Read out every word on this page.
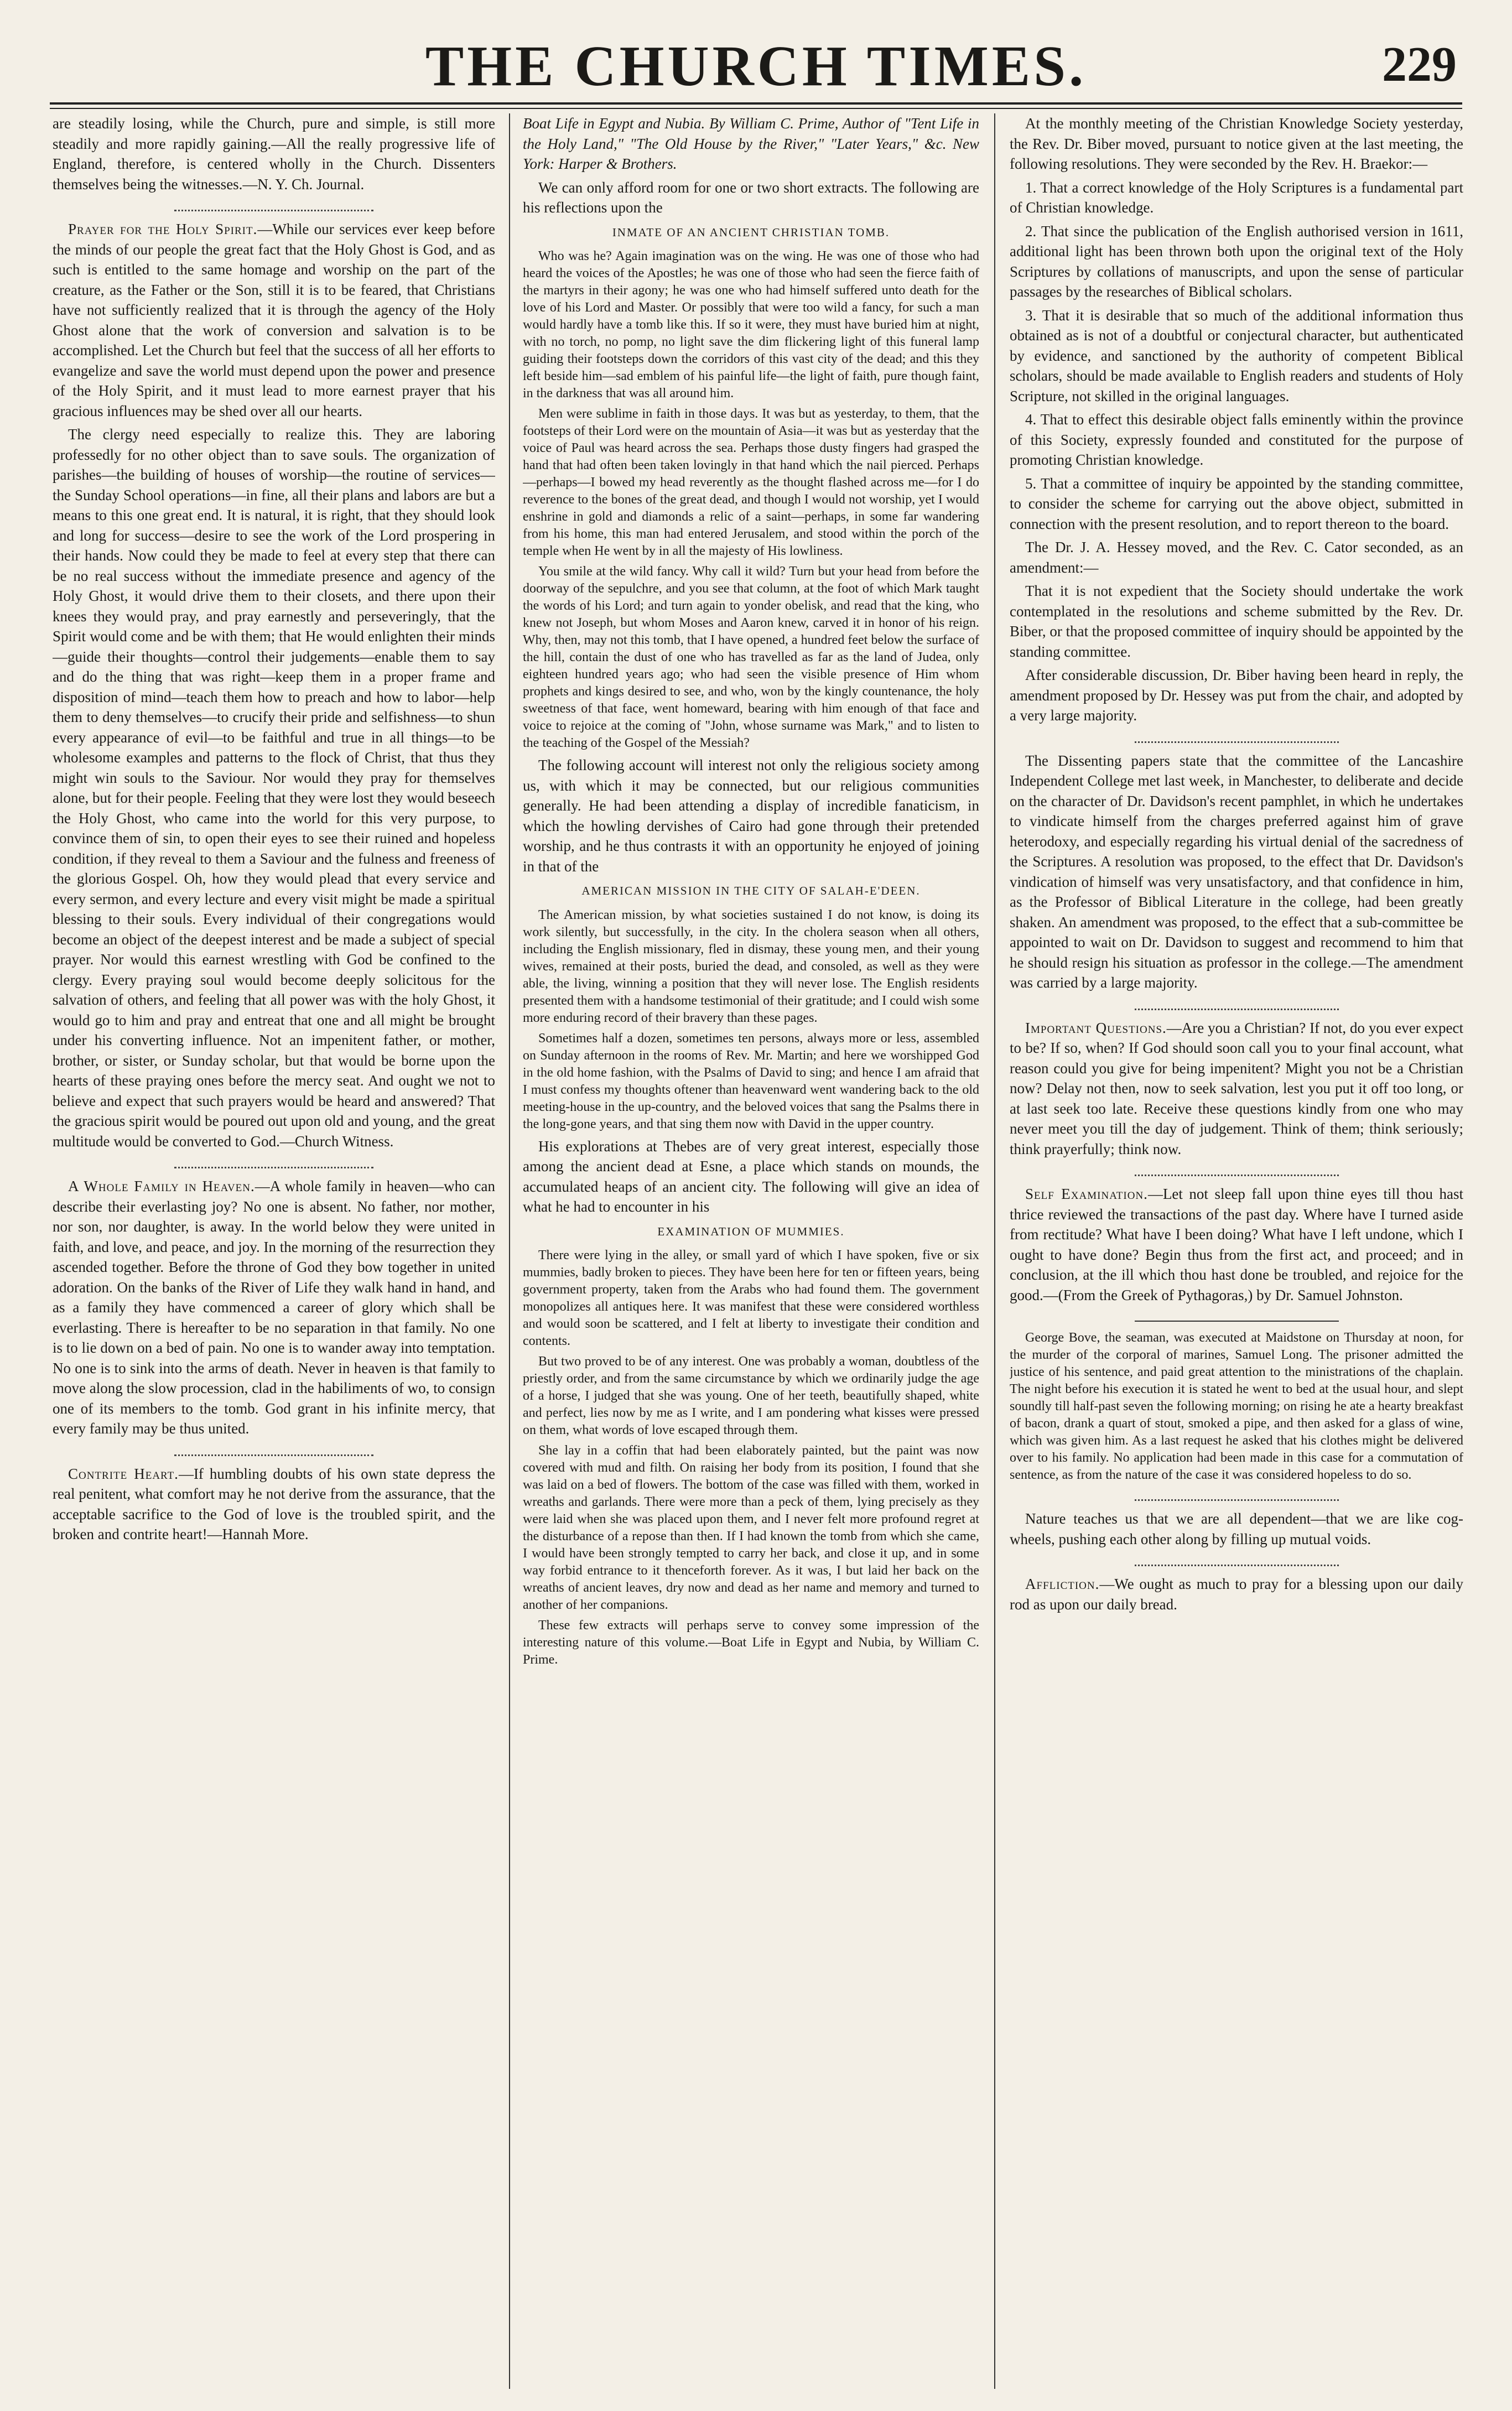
THE CHURCH TIMES.	229

are steadily losing, while the Church, pure and simple, is still more steadily and more rapidly gaining.—All the really progressive life of England, therefore, is centered wholly in the Church. Dissenters themselves being the witnesses.—N. Y. Ch. Journal.

Prayer for the Holy Spirit.—While our services ever keep before the minds of our people the great fact that the Holy Ghost is God, and as such is entitled to the same homage and worship on the part of the creature, as the Father or the Son, still it is to be feared, that Christians have not sufficiently realized that it is through the agency of the Holy Ghost alone that the work of conversion and salvation is to be accomplished. Let the Church but feel that the success of all her efforts to evangelize and save the world must depend upon the power and presence of the Holy Spirit, and it must lead to more earnest prayer that his gracious influences may be shed over all our hearts.

The clergy need especially to realize this. They are laboring professedly for no other object than to save souls. The organization of parishes—the building of houses of worship—the routine of services—the Sunday School operations—in fine, all their plans and labors are but a means to this one great end. It is natural, it is right, that they should look and long for success—desire to see the work of the Lord prospering in their hands. Now could they be made to feel at every step that there can be no real success without the immediate presence and agency of the Holy Ghost, it would drive them to their closets, and there upon their knees they would pray, and pray earnestly and perseveringly, that the Spirit would come and be with them; that He would enlighten their minds—guide their thoughts—control their judgements—enable them to say and do the thing that was right—keep them in a proper frame and disposition of mind—teach them how to preach and how to labor—help them to deny themselves—to crucify their pride and selfishness—to shun every appearance of evil—to be faithful and true in all things—to be wholesome examples and patterns to the flock of Christ, that thus they might win souls to the Saviour. Nor would they pray for themselves alone, but for their people. Feeling that they were lost they would beseech the Holy Ghost, who came into the world for this very purpose, to convince them of sin, to open their eyes to see their ruined and hopeless condition, if they reveal to them a Saviour and the fulness and freeness of the glorious Gospel. Oh, how they would plead that every service and every sermon, and every lecture and every visit might be made a spiritual blessing to their souls. Every individual of their congregations would become an object of the deepest interest and be made a subject of special prayer. Nor would this earnest wrestling with God be confined to the clergy. Every praying soul would become deeply solicitous for the salvation of others, and feeling that all power was with the holy Ghost, it would go to him and pray and entreat that one and all might be brought under his converting influence. Not an impenitent father, or mother, brother, or sister, or Sunday scholar, but that would be borne upon the hearts of these praying ones before the mercy seat. And ought we not to believe and expect that such prayers would be heard and answered? That the gracious spirit would be poured out upon old and young, and the great multitude would be converted to God.—Church Witness.

A Whole Family in Heaven.—A whole family in heaven—who can describe their everlasting joy? No one is absent. No father, nor mother, nor son, nor daughter, is away. In the world below they were united in faith, and love, and peace, and joy. In the morning of the resurrection they ascended together. Before the throne of God they bow together in united adoration. On the banks of the River of Life they walk hand in hand, and as a family they have commenced a career of glory which shall be everlasting. There is hereafter to be no separation in that family. No one is to lie down on a bed of pain. No one is to wander away into temptation. No one is to sink into the arms of death. Never in heaven is that family to move along the slow procession, clad in the habiliments of wo, to consign one of its members to the tomb. God grant in his infinite mercy, that every family may be thus united.

Contrite Heart.—If humbling doubts of his own state depress the real penitent, what comfort may he not derive from the assurance, that the acceptable sacrifice to the God of love is the troubled spirit, and the broken and contrite heart!—Hannah More.

Boat Life in Egypt and Nubia. By William C. Prime, Author of "Tent Life in the Holy Land," "The Old House by the River," "Later Years," &c. New York: Harper & Brothers.

We can only afford room for one or two short extracts. The following are his reflections upon the

INMATE OF AN ANCIENT CHRISTIAN TOMB.

Who was he? Again imagination was on the wing. He was one of those who had heard the voices of the Apostles; he was one of those who had seen the fierce faith of the martyrs in their agony; he was one who had himself suffered unto death for the love of his Lord and Master. Or possibly that were too wild a fancy, for such a man would hardly have a tomb like this. If so it were, they must have buried him at night, with no torch, no pomp, no light save the dim flickering light of this funeral lamp guiding their footsteps down the corridors of this vast city of the dead; and this they left beside him—sad emblem of his painful life—the light of faith, pure though faint, in the darkness that was all around him.

Men were sublime in faith in those days. It was but as yesterday, to them, that the footsteps of their Lord were on the mountain of Asia—it was but as yesterday that the voice of Paul was heard across the sea. Perhaps those dusty fingers had grasped the hand that had often been taken lovingly in that hand which the nail pierced. Perhaps—perhaps—I bowed my head reverently as the thought flashed across me—for I do reverence to the bones of the great dead, and though I would not worship, yet I would enshrine in gold and diamonds a relic of a saint—perhaps, in some far wandering from his home, this man had entered Jerusalem, and stood within the porch of the temple when He went by in all the majesty of His lowliness.

You smile at the wild fancy. Why call it wild? Turn but your head from before the doorway of the sepulchre, and you see that column, at the foot of which Mark taught the words of his Lord; and turn again to yonder obelisk, and read that the king, who knew not Joseph, but whom Moses and Aaron knew, carved it in honor of his reign. Why, then, may not this tomb, that I have opened, a hundred feet below the surface of the hill, contain the dust of one who has travelled as far as the land of Judea, only eighteen hundred years ago; who had seen the visible presence of Him whom prophets and kings desired to see, and who, won by the kingly countenance, the holy sweetness of that face, went homeward, bearing with him enough of that face and voice to rejoice at the coming of "John, whose surname was Mark," and to listen to the teaching of the Gospel of the Messiah?

The following account will interest not only the religious society among us, with which it may be connected, but our religious communities generally. He had been attending a display of incredible fanaticism, in which the howling dervishes of Cairo had gone through their pretended worship, and he thus contrasts it with an opportunity he enjoyed of joining in that of the

AMERICAN MISSION IN THE CITY OF SALAH-E'DEEN.

The American mission, by what societies sustained I do not know, is doing its work silently, but successfully, in the city. In the cholera season when all others, including the English missionary, fled in dismay, these young men, and their young wives, remained at their posts, buried the dead, and consoled, as well as they were able, the living, winning a position that they will never lose. The English residents presented them with a handsome testimonial of their gratitude; and I could wish some more enduring record of their bravery than these pages.

Sometimes half a dozen, sometimes ten persons, always more or less, assembled on Sunday afternoon in the rooms of Rev. Mr. Martin; and here we worshipped God in the old home fashion, with the Psalms of David to sing; and hence I am afraid that I must confess my thoughts oftener than heavenward went wandering back to the old meeting-house in the up-country, and the beloved voices that sang the Psalms there in the long-gone years, and that sing them now with David in the upper country.

His explorations at Thebes are of very great interest, especially those among the ancient dead at Esne, a place which stands on mounds, the accumulated heaps of an ancient city. The following will give an idea of what he had to encounter in his

EXAMINATION OF MUMMIES.

There were lying in the alley, or small yard of which I have spoken, five or six mummies, badly broken to pieces. They have been here for ten or fifteen years, being government property, taken from the Arabs who had found them. The government monopolizes all antiques here. It was manifest that these were considered worthless and would soon be scattered, and I felt at liberty to investigate their condition and contents.

But two proved to be of any interest. One was probably a woman, doubtless of the priestly order, and from the same circumstance by which we ordinarily judge the age of a horse, I judged that she was young. One of her teeth, beautifully shaped, white and perfect, lies now by me as I write, and I am pondering what kisses were pressed on them, what words of love escaped through them.

She lay in a coffin that had been elaborately painted, but the paint was now covered with mud and filth. On raising her body from its position, I found that she was laid on a bed of flowers. The bottom of the case was filled with them, worked in wreaths and garlands. There were more than a peck of them, lying precisely as they were laid when she was placed upon them, and I never felt more profound regret at the disturbance of a repose than then. If I had known the tomb from which she came, I would have been strongly tempted to carry her back, and close it up, and in some way forbid entrance to it thenceforth forever. As it was, I but laid her back on the wreaths of ancient leaves, dry now and dead as her name and memory and turned to another of her companions.

These few extracts will perhaps serve to convey some impression of the interesting nature of this volume.—Boat Life in Egypt and Nubia, by William C. Prime.

At the monthly meeting of the Christian Knowledge Society yesterday, the Rev. Dr. Biber moved, pursuant to notice given at the last meeting, the following resolutions. They were seconded by the Rev. H. Braekor:—

1. That a correct knowledge of the Holy Scriptures is a fundamental part of Christian knowledge.

2. That since the publication of the English authorised version in 1611, additional light has been thrown both upon the original text of the Holy Scriptures by collations of manuscripts, and upon the sense of particular passages by the researches of Biblical scholars.

3. That it is desirable that so much of the additional information thus obtained as is not of a doubtful or conjectural character, but authenticated by evidence, and sanctioned by the authority of competent Biblical scholars, should be made available to English readers and students of Holy Scripture, not skilled in the original languages.

4. That to effect this desirable object falls eminently within the province of this Society, expressly founded and constituted for the purpose of promoting Christian knowledge.

5. That a committee of inquiry be appointed by the standing committee, to consider the scheme for carrying out the above object, submitted in connection with the present resolution, and to report thereon to the board.

The Dr. J. A. Hessey moved, and the Rev. C. Cator seconded, as an amendment:—

That it is not expedient that the Society should undertake the work contemplated in the resolutions and scheme submitted by the Rev. Dr. Biber, or that the proposed committee of inquiry should be appointed by the standing committee.

After considerable discussion, Dr. Biber having been heard in reply, the amendment proposed by Dr. Hessey was put from the chair, and adopted by a very large majority.

The Dissenting papers state that the committee of the Lancashire Independent College met last week, in Manchester, to deliberate and decide on the character of Dr. Davidson's recent pamphlet, in which he undertakes to vindicate himself from the charges preferred against him of grave heterodoxy, and especially regarding his virtual denial of the sacredness of the Scriptures. A resolution was proposed, to the effect that Dr. Davidson's vindication of himself was very unsatisfactory, and that confidence in him, as the Professor of Biblical Literature in the college, had been greatly shaken. An amendment was proposed, to the effect that a sub-committee be appointed to wait on Dr. Davidson to suggest and recommend to him that he should resign his situation as professor in the college.—The amendment was carried by a large majority.

Important Questions.—Are you a Christian? If not, do you ever expect to be? If so, when? If God should soon call you to your final account, what reason could you give for being impenitent? Might you not be a Christian now? Delay not then, now to seek salvation, lest you put it off too long, or at last seek too late. Receive these questions kindly from one who may never meet you till the day of judgement. Think of them; think seriously; think prayerfully; think now.

Self Examination.—Let not sleep fall upon thine eyes till thou hast thrice reviewed the transactions of the past day. Where have I turned aside from rectitude? What have I been doing? What have I left undone, which I ought to have done? Begin thus from the first act, and proceed; and in conclusion, at the ill which thou hast done be troubled, and rejoice for the good.—(From the Greek of Pythagoras,) by Dr. Samuel Johnston.

George Bove, the seaman, was executed at Maidstone on Thursday at noon, for the murder of the corporal of marines, Samuel Long. The prisoner admitted the justice of his sentence, and paid great attention to the ministrations of the chaplain. The night before his execution it is stated he went to bed at the usual hour, and slept soundly till half-past seven the following morning; on rising he ate a hearty breakfast of bacon, drank a quart of stout, smoked a pipe, and then asked for a glass of wine, which was given him. As a last request he asked that his clothes might be delivered over to his family. No application had been made in this case for a commutation of sentence, as from the nature of the case it was considered hopeless to do so.

Nature teaches us that we are all dependent—that we are like cog-wheels, pushing each other along by filling up mutual voids.

Affliction.—We ought as much to pray for a blessing upon our daily rod as upon our daily bread.
